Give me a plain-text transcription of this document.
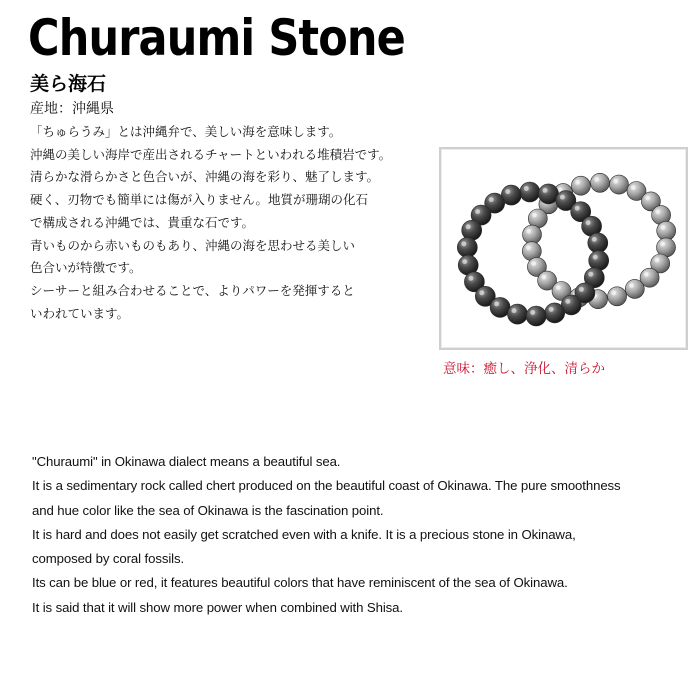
Churaumi Stone
美ら海石
産地：沖縄県
「ちゅらうみ」とは沖縄弁で、美しい海を意味します。
沖縄の美しい海岸で産出されるチャートといわれる堆積岩です。
清らかな滑らかさと色合いが、沖縄の海を彩り、魅了します。
硬く、刃物でも簡単には傷が入りません。地質が珊瑚の化石
で構成される沖縄では、貴重な石です。
青いものから赤いものもあり、沖縄の海を思わせる美しい
色合いが特徴です。
シーサーと組み合わせることで、よりパワーを発揮すると
いわれています。
意味：癒し、浄化、清らか
"Churaumi" in Okinawa dialect means a beautiful sea.
It is a sedimentary rock called chert produced on the beautiful coast of Okinawa. The pure smoothness
and hue color like the sea of Okinawa is the fascination point.
It is hard and does not easily get scratched even with a knife. It is a precious stone in Okinawa,
composed by coral fossils.
Its can be blue or red, it features beautiful colors that have reminiscent of the sea of Okinawa.
It is said that it will show more power when combined with Shisa.
